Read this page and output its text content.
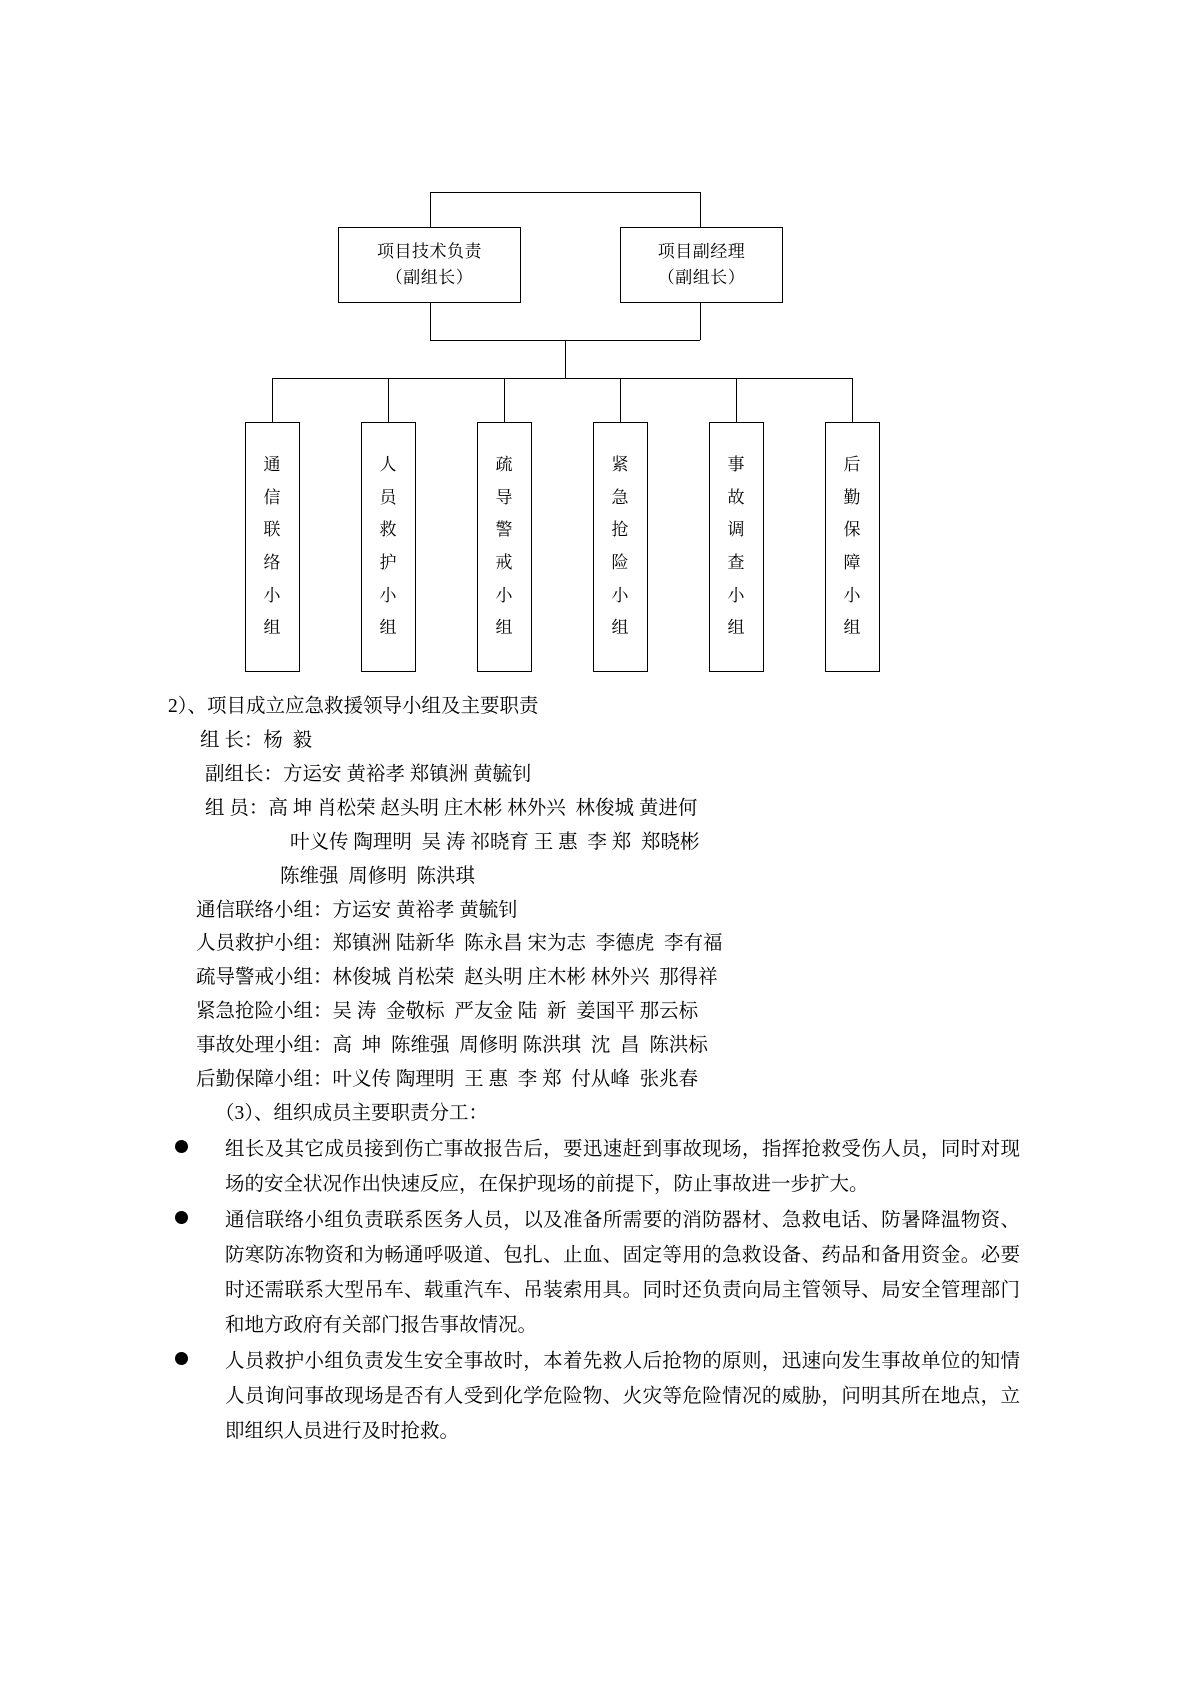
项目技术负责
（副组长）
项目副经理
（副组长）
通
信
联
络
小
组
人
员
救
护
小
组
疏
导
警
戒
小
组
紧
急
抢
险
小
组
事
故
调
查
小
组
后
勤
保
障
小
组
2）、项目成立应急救援领导小组及主要职责
组 长：杨  毅
副组长：方运安 黄裕孝 郑镇洲 黄毓钊
组 员：高 坤 肖松荣 赵头明 庄木彬 林外兴  林俊城 黄进何
叶义传 陶理明  吴 涛 祁晓育 王 惠  李 郑  郑晓彬
陈维强  周修明  陈洪琪
通信联络小组：方运安 黄裕孝 黄毓钊
人员救护小组：郑镇洲 陆新华  陈永昌 宋为志  李德虎  李有福
疏导警戒小组：林俊城 肖松荣  赵头明 庄木彬 林外兴  那得祥
紧急抢险小组：吴 涛  金敬标  严友金 陆  新  姜国平 那云标
事故处理小组：高  坤  陈维强  周修明 陈洪琪  沈  昌  陈洪标
后勤保障小组：叶义传 陶理明  王 惠  李 郑  付从峰  张兆春
（3）、组织成员主要职责分工：
组长及其它成员接到伤亡事故报告后，要迅速赶到事故现场，指挥抢救受伤人员，同时对现场的安全状况作出快速反应，在保护现场的前提下，防止事故进一步扩大。
通信联络小组负责联系医务人员，以及准备所需要的消防器材、急救电话、防暑降温物资、防寒防冻物资和为畅通呼吸道、包扎、止血、固定等用的急救设备、药品和备用资金。必要时还需联系大型吊车、载重汽车、吊装索用具。同时还负责向局主管领导、局安全管理部门和地方政府有关部门报告事故情况。
人员救护小组负责发生安全事故时，本着先救人后抢物的原则，迅速向发生事故单位的知情人员询问事故现场是否有人受到化学危险物、火灾等危险情况的威胁，问明其所在地点，立即组织人员进行及时抢救。
